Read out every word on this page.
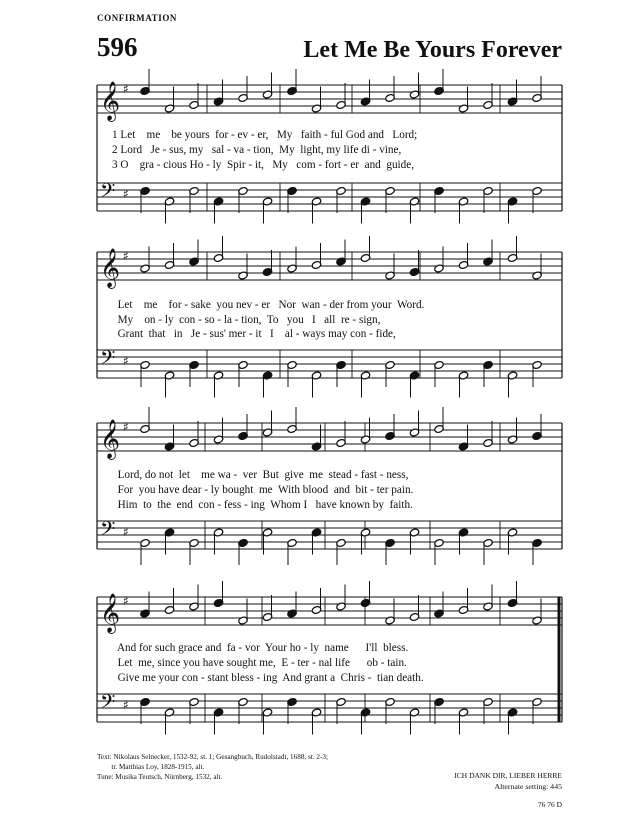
CONFIRMATION
596	Let Me Be Yours Forever
𝄞 ♯
𝄢 ♯
𝄞 ♯
𝄢 ♯
𝄞 ♯
𝄢 ♯
𝄞 ♯
𝄢 ♯
1 Let    me    be yours  for - ev - er,   My   faith - ful God and   Lord;
2 Lord   Je - sus, my   sal - va - tion,  My  light, my life di - vine,
3 O    gra - cious Ho - ly  Spir - it,   My   com - fort - er  and  guide,
Let    me    for - sake  you nev - er   Nor  wan - der from your  Word.
My    on - ly  con - so - la - tion,  To   you   I   all  re - sign,
Grant  that   in   Je - sus' mer - it   I    al - ways may con - fide,
Lord, do not  let    me wa -  ver  But  give  me  stead - fast - ness,
For  you have dear - ly bought  me  With blood  and  bit - ter pain.
Him  to  the  end  con - fess - ing  Whom I   have known by  faith.
And for such grace and  fa - vor  Your ho - ly  name      I'll  bless.
Let  me, since you have sought me,  E - ter - nal life      ob - tain.
Give me your con - stant bless - ing  And grant a  Chris -  tian death.
Text: Nikolaus Selnecker, 1532-92, st. 1; Gesangbuch, Rudolstadt, 1688, st. 2-3;
tr. Matthias Loy, 1828-1915, alt.
Tune: Musika Teutsch, Nürnberg, 1532, alt.

	ICH DANK DIR, LIEBER HERRE

76 76 D

Alternate setting: 445
